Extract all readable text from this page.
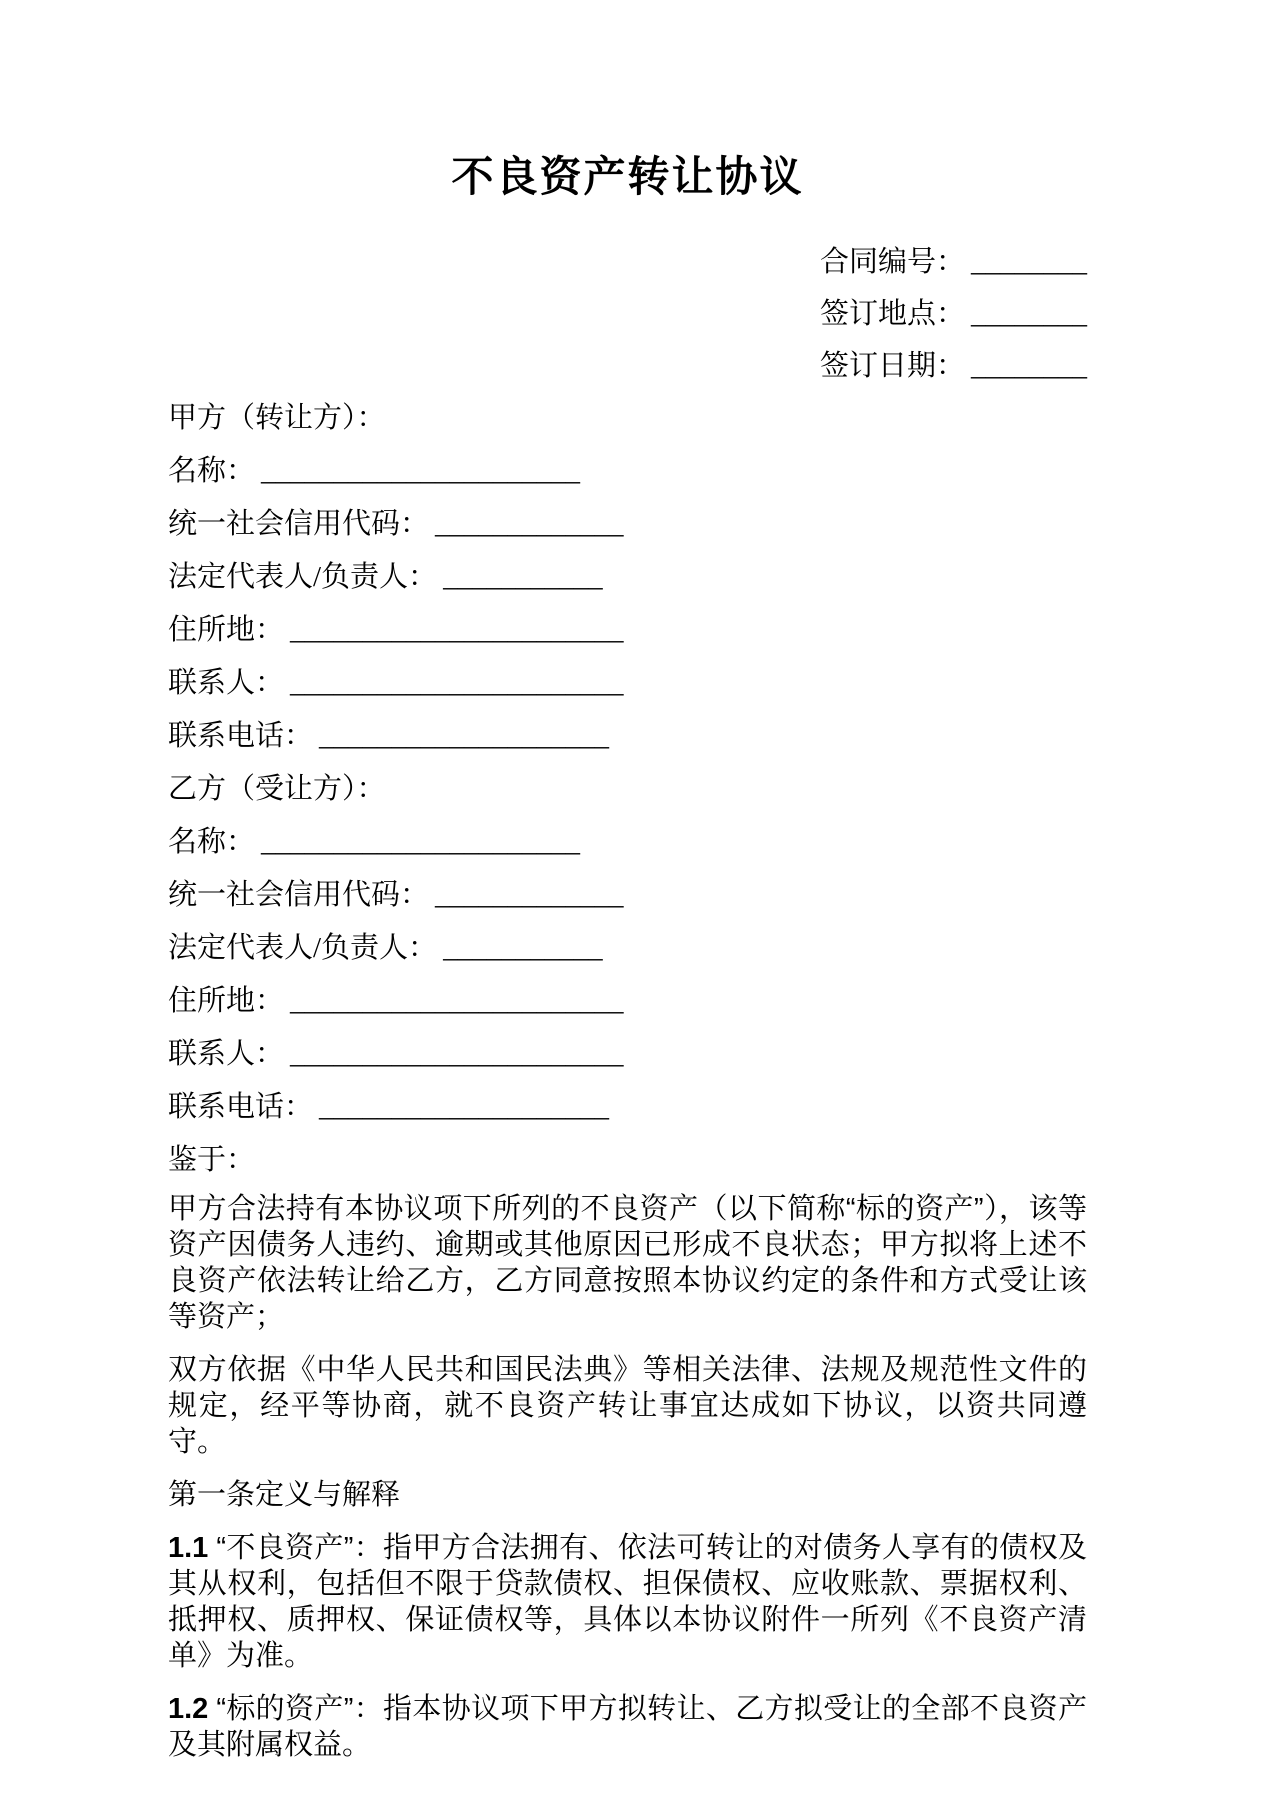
不良资产转让协议
合同编号： ________
签订地点： ________
签订日期： ________
甲方（转让方）：
名称： ______________________
统一社会信用代码： _____________
法定代表人/负责人： ___________
住所地： _______________________
联系人： _______________________
联系电话： ____________________
乙方（受让方）：
名称： ______________________
统一社会信用代码： _____________
法定代表人/负责人： ___________
住所地： _______________________
联系人： _______________________
联系电话： ____________________
鉴于：

甲方合法持有本协议项下所列的不良资产（以下简称“标的资产”），该等资产因债务人违约、逾期或其他原因已形成不良状态；甲方拟将上述不良资产依法转让给乙方，乙方同意按照本协议约定的条件和方式受让该等资产；

双方依据《中华人民共和国民法典》等相关法律、法规及规范性文件的规定，经平等协商，就不良资产转让事宜达成如下协议，以资共同遵守。

第一条定义与解释

1.1 “不良资产”：指甲方合法拥有、依法可转让的对债务人享有的债权及其从权利，包括但不限于贷款债权、担保债权、应收账款、票据权利、抵押权、质押权、保证债权等，具体以本协议附件一所列《不良资产清单》为准。

1.2 “标的资产”：指本协议项下甲方拟转让、乙方拟受让的全部不良资产及其附属权益。
